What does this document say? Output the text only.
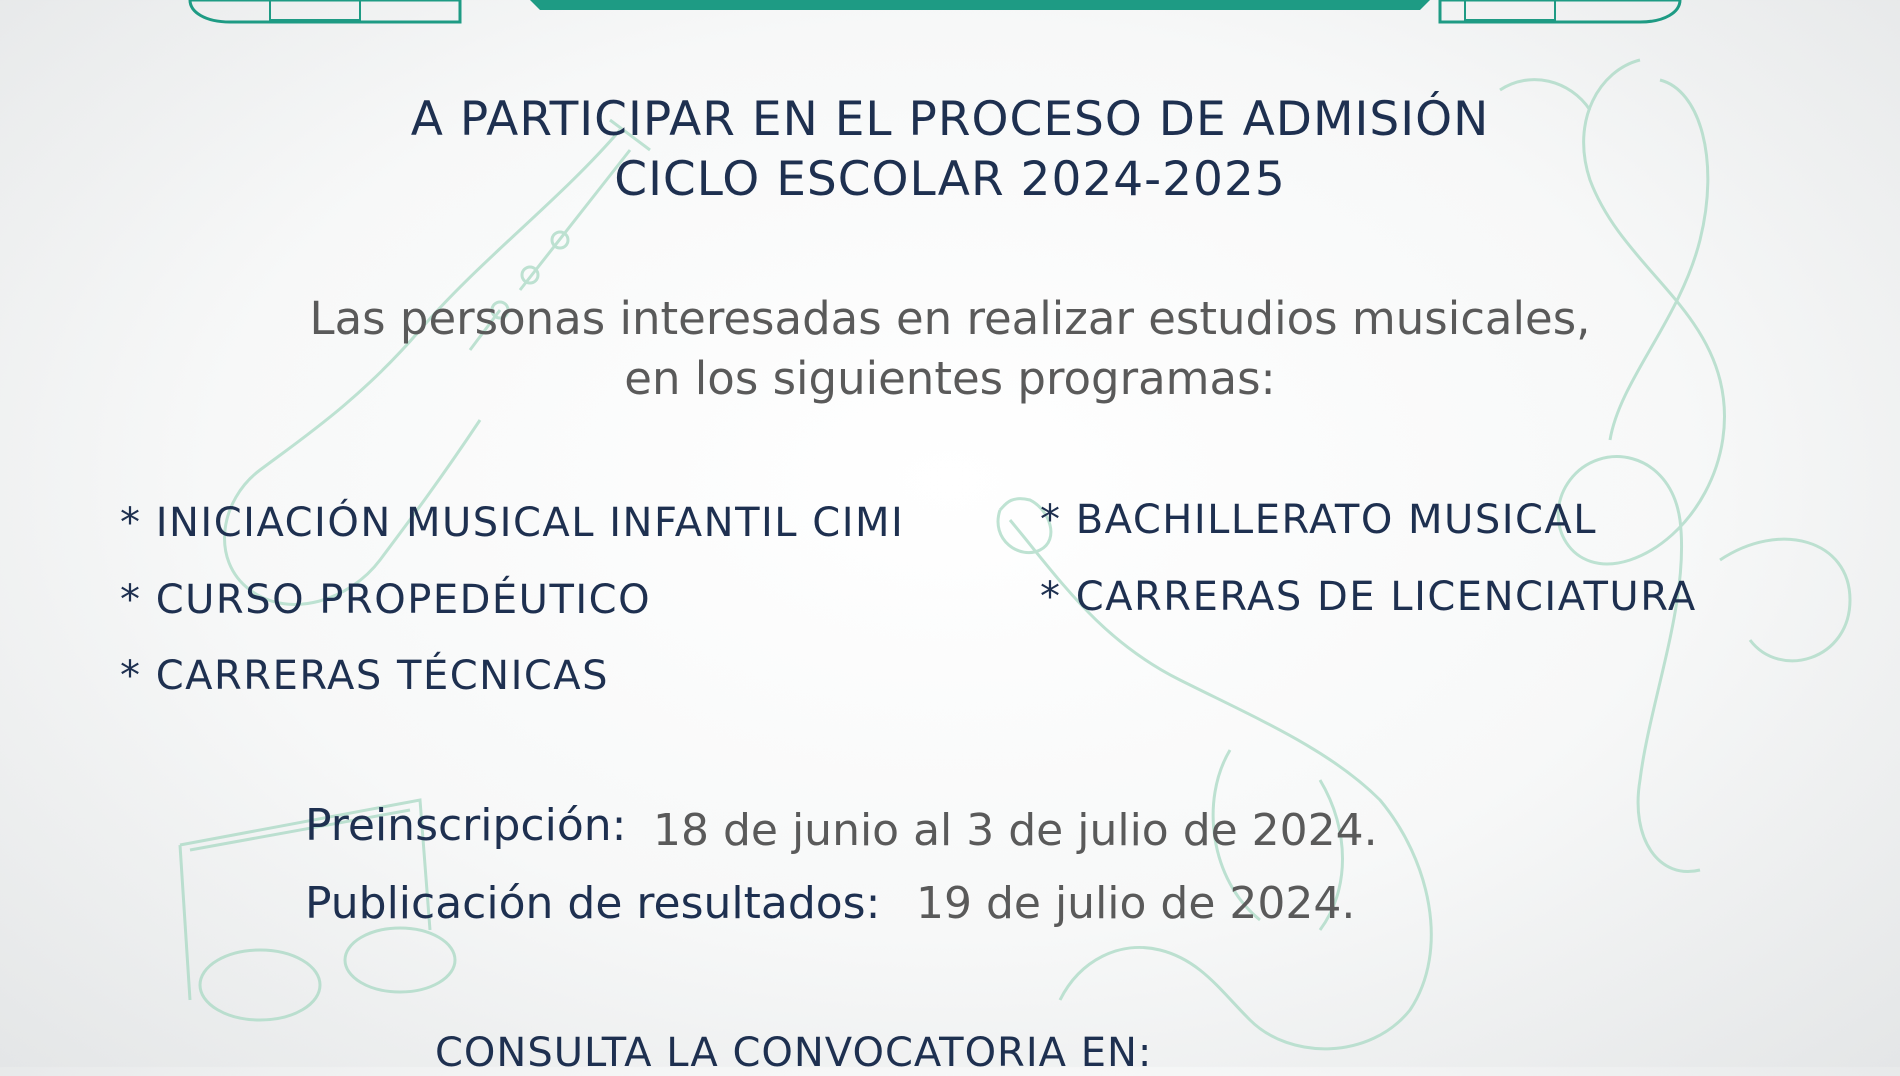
A PARTICIPAR EN EL PROCESO DE ADMISIÓN
CICLO ESCOLAR 2024-2025
Las personas interesadas en realizar estudios musicales,
en los siguientes programas:
* INICIACIÓN MUSICAL INFANTIL CIMI
* CURSO PROPEDÉUTICO
* CARRERAS TÉCNICAS
* BACHILLERATO MUSICAL
* CARRERAS DE LICENCIATURA
Preinscripción: 18 de junio al 3 de julio de 2024.
Publicación de resultados: 19 de julio de 2024.
CONSULTA LA CONVOCATORIA EN:
